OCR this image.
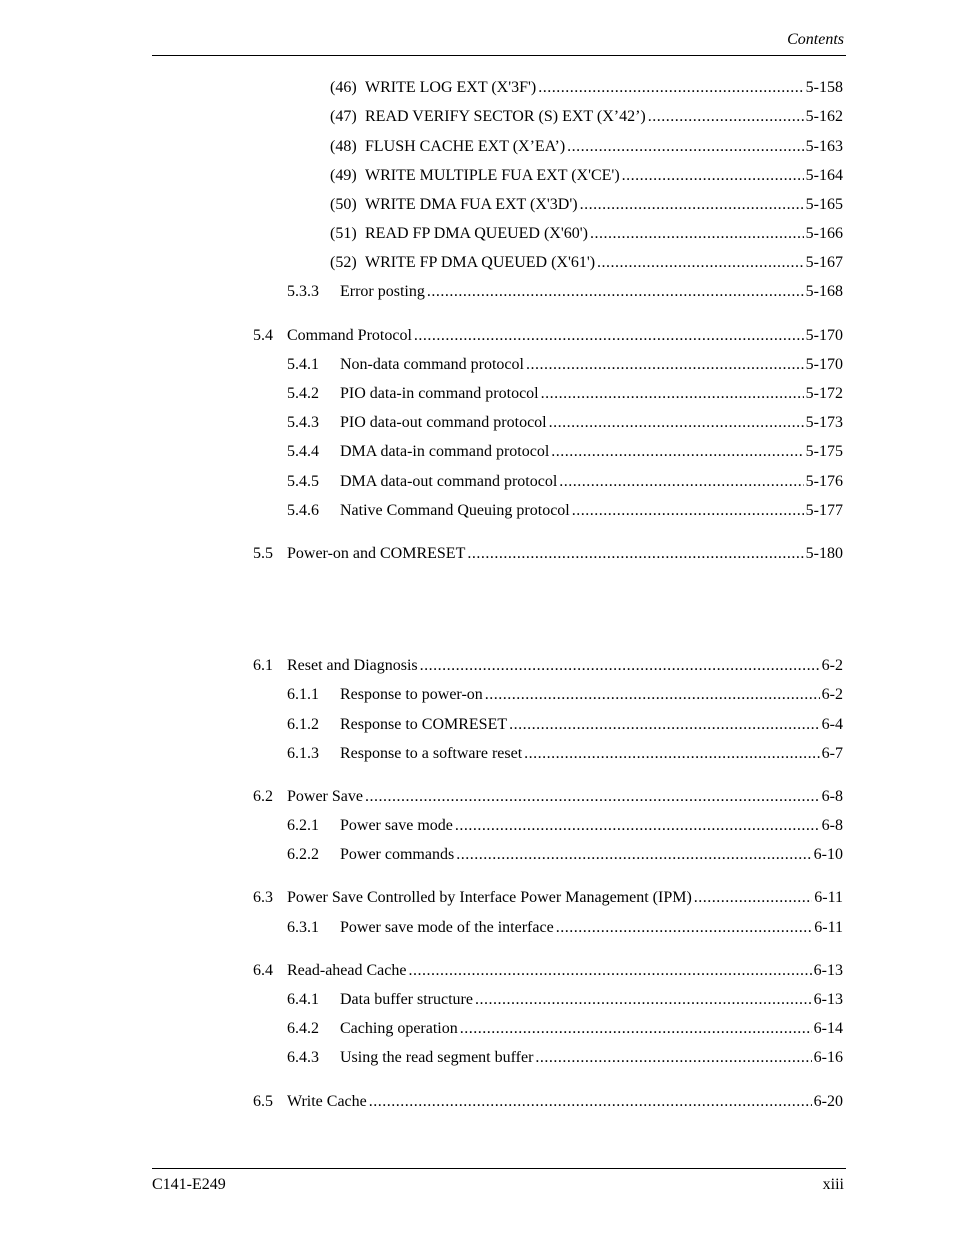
Contents
(46) WRITE LOG EXT (X'3F') .....	5-158
(47) READ VERIFY SECTOR (S) EXT (X’42’) .....	5-162
(48) FLUSH CACHE EXT (X’EA’) .....	5-163
(49) WRITE MULTIPLE FUA EXT (X'CE') .....	5-164
(50) WRITE DMA FUA EXT (X'3D') .....	5-165
(51) READ FP DMA QUEUED (X'60') .....	5-166
(52) WRITE FP DMA QUEUED (X'61') .....	5-167
5.3.3	Error posting .....	5-168
5.4 Command Protocol .....	5-170
5.4.1	Non-data command protocol .....	5-170
5.4.2	PIO data-in command protocol .....	5-172
5.4.3	PIO data-out command protocol .....	5-173
5.4.4	DMA data-in command protocol .....	5-175
5.4.5	DMA data-out command protocol .....	5-176
5.4.6	Native Command Queuing protocol .....	5-177
5.5 Power-on and COMRESET .....	5-180
6.1 Reset and Diagnosis .....	6-2
6.1.1	Response to power-on .....	6-2
6.1.2	Response to COMRESET .....	6-4
6.1.3	Response to a software reset .....	6-7
6.2 Power Save .....	6-8
6.2.1	Power save mode .....	6-8
6.2.2	Power commands .....	6-10
6.3 Power Save Controlled by Interface Power Management (IPM) .....	6-11
6.3.1	Power save mode of the interface .....	6-11
6.4 Read-ahead Cache .....	6-13
6.4.1	Data buffer structure .....	6-13
6.4.2	Caching operation .....	6-14
6.4.3	Using the read segment buffer .....	6-16
6.5 Write Cache .....	6-20
C141-E249	xiii
